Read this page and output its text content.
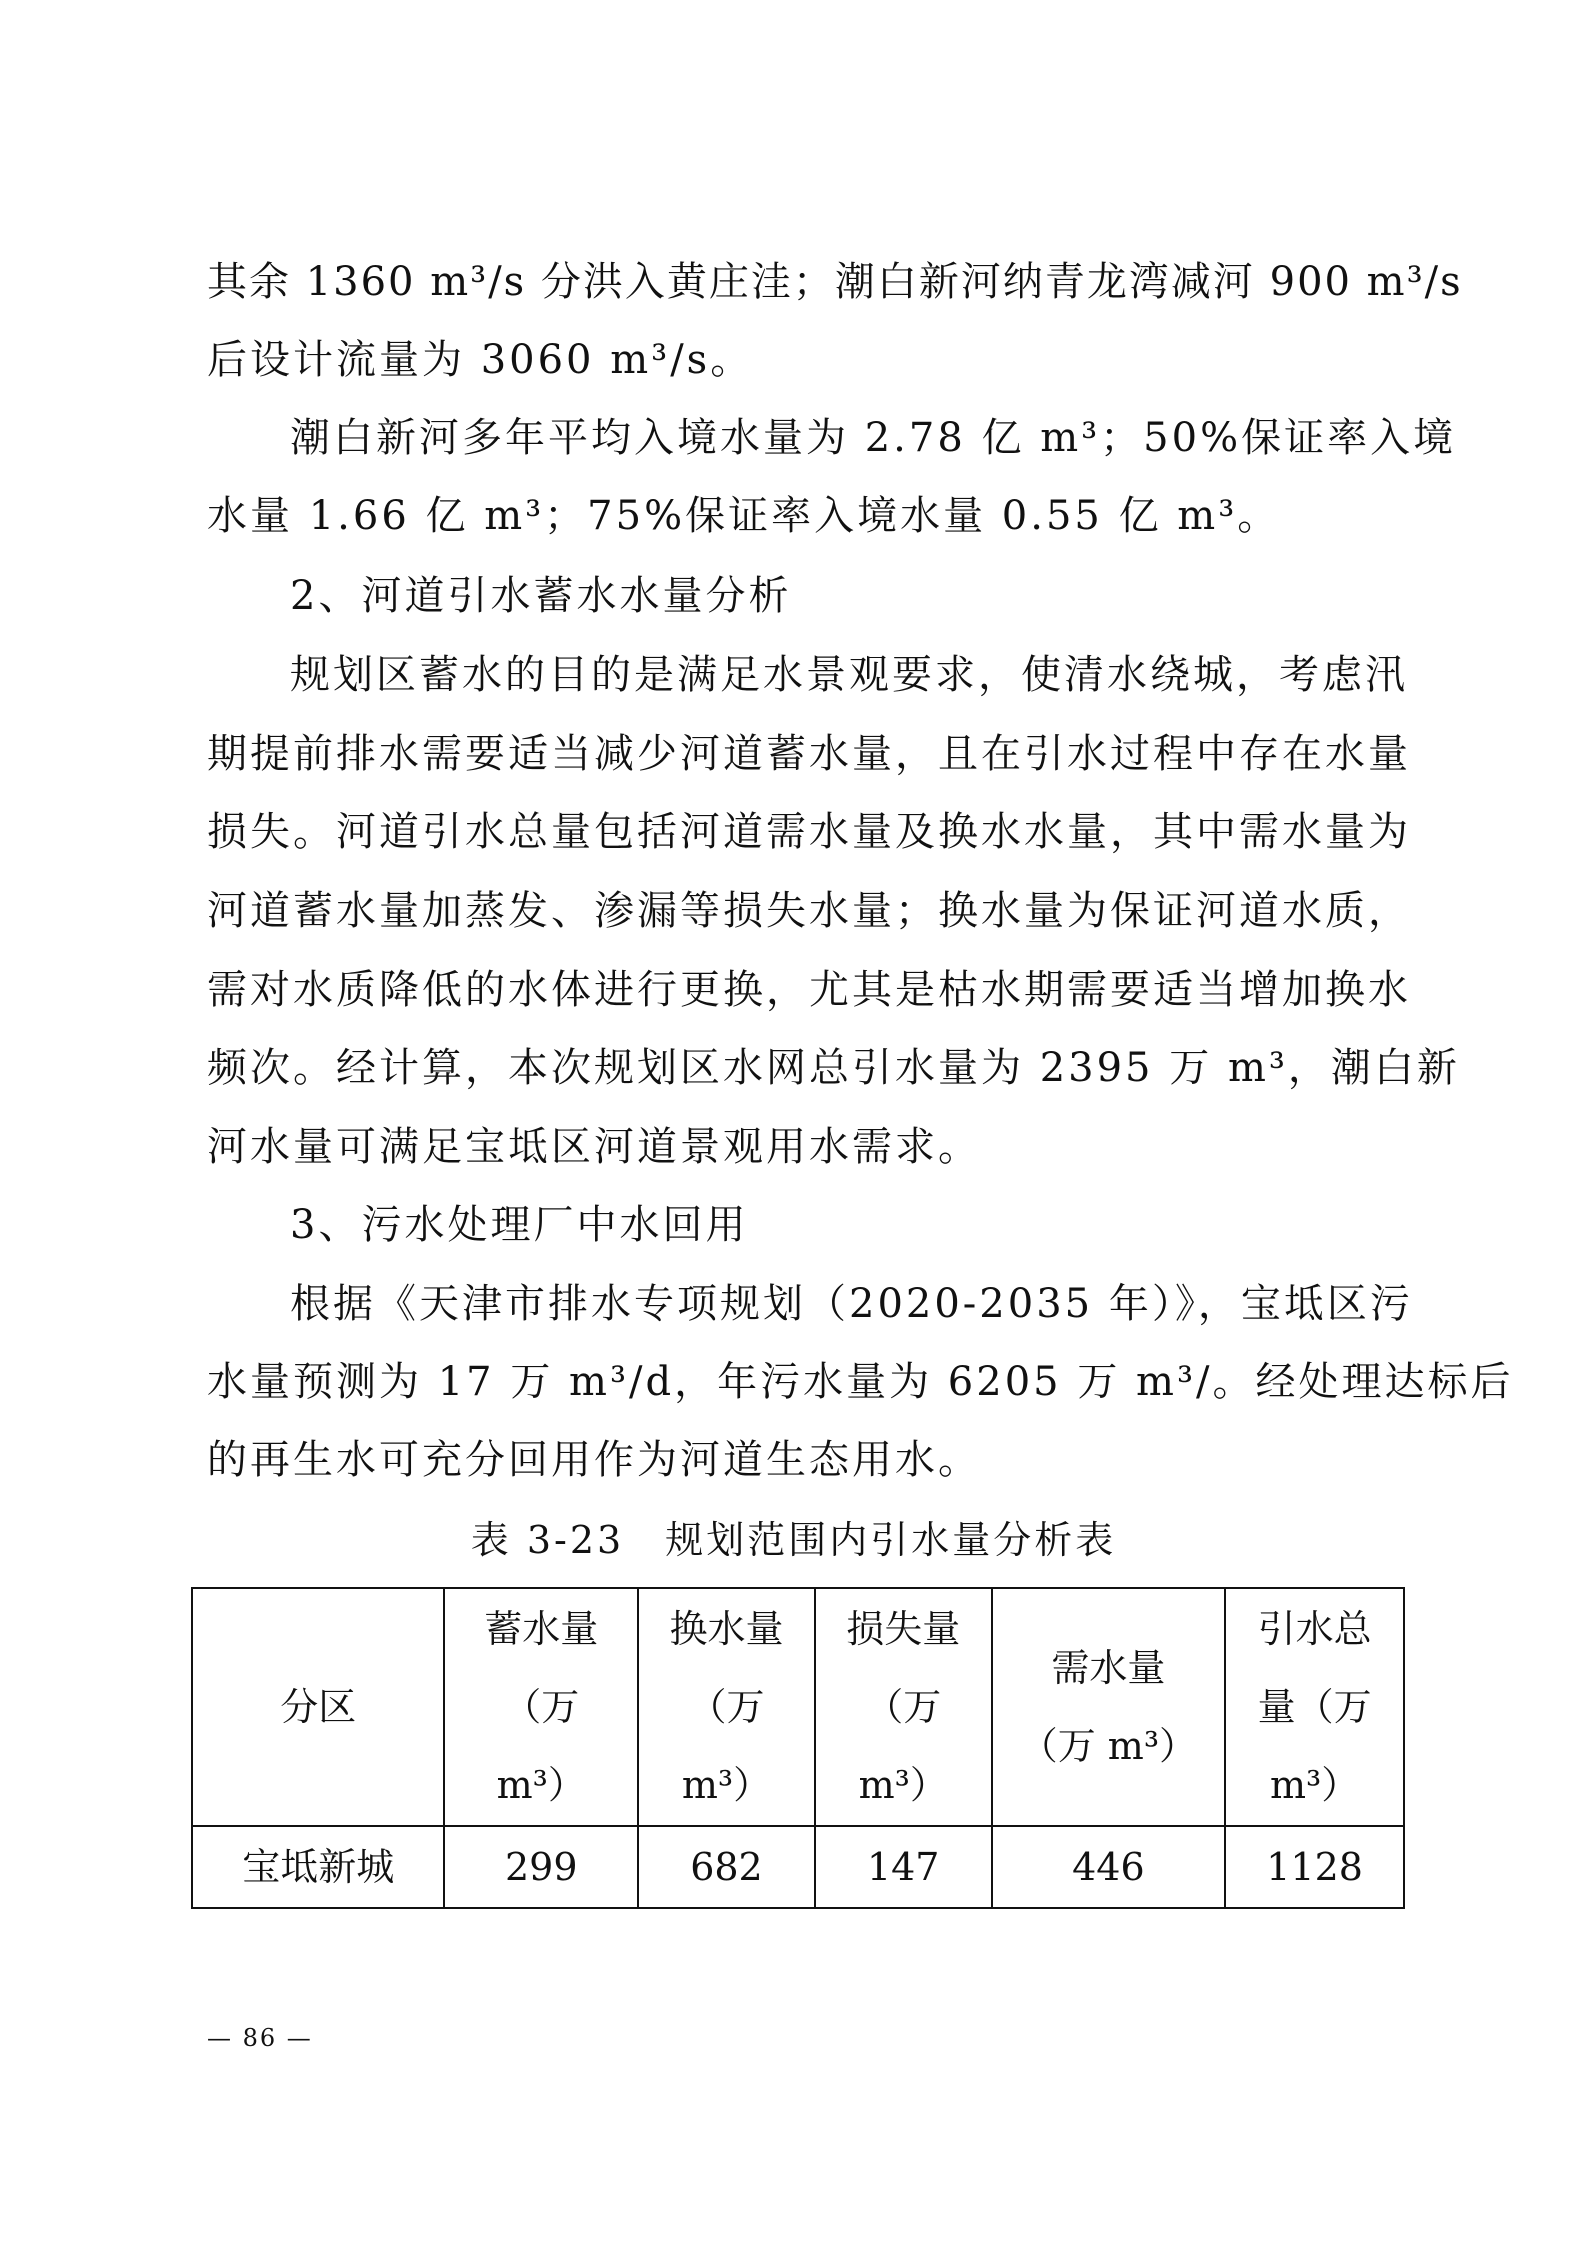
其余 1360 m³/s 分洪入黄庄洼；潮白新河纳青龙湾减河 900 m³/s
后设计流量为 3060 m³/s。
潮白新河多年平均入境水量为 2.78 亿 m³；50%保证率入境
水量 1.66 亿 m³；75%保证率入境水量 0.55 亿 m³。
2、河道引水蓄水水量分析
规划区蓄水的目的是满足水景观要求，使清水绕城，考虑汛
期提前排水需要适当减少河道蓄水量，且在引水过程中存在水量
损失。河道引水总量包括河道需水量及换水水量，其中需水量为
河道蓄水量加蒸发、渗漏等损失水量；换水量为保证河道水质，
需对水质降低的水体进行更换，尤其是枯水期需要适当增加换水
频次。经计算，本次规划区水网总引水量为 2395 万 m³，潮白新
河水量可满足宝坻区河道景观用水需求。
3、污水处理厂中水回用
根据《天津市排水专项规划（2020-2035 年）》，宝坻区污
水量预测为 17 万 m³/d，年污水量为 6205 万 m³/。经处理达标后
的再生水可充分回用作为河道生态用水。
表 3-23　规划范围内引水量分析表
分区	蓄水量（万 m³）	换水量（万 m³）	损失量（万 m³）	需水量（万 m³）	引水总量（万 m³）
宝坻新城	299	682	147	446	1128
— 86 —
